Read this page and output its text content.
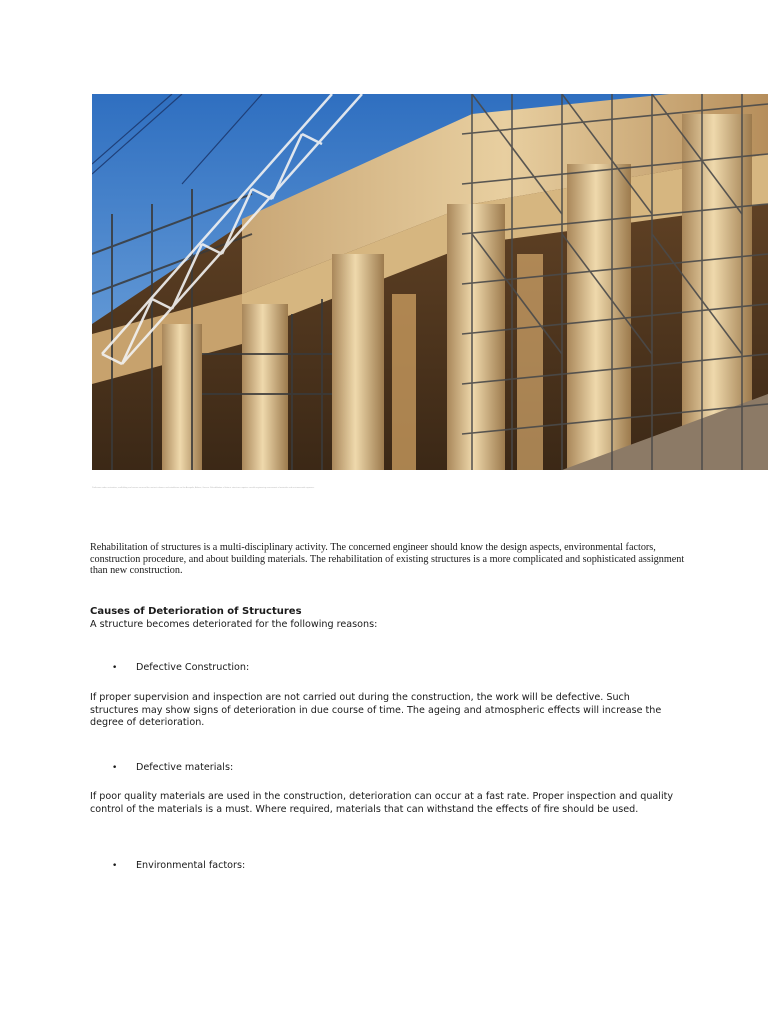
Parthenon under restoration; scaffolding and cranes surround the ancient columns and entablature on the Acropolis, Athens, Greece. Rehabilitation of historic structures requires careful engineering assessment of materials and environmental exposure.

Rehabilitation of structures is a multi-disciplinary activity. The concerned engineer should know the design aspects, environmental factors, construction procedure, and about building materials. The rehabilitation of existing structures is a more complicated and sophisticated assignment than new construction.

Causes of Deterioration of Structures

A structure becomes deteriorated for the following reasons:

• Defective Construction:

If proper supervision and inspection are not carried out during the construction, the work will be defective. Such structures may show signs of deterioration in due course of time. The ageing and atmospheric effects will increase the degree of deterioration.

• Defective materials:

If poor quality materials are used in the construction, deterioration can occur at a fast rate. Proper inspection and quality control of the materials is a must. Where required, materials that can withstand the effects of fire should be used.

• Environmental factors:
